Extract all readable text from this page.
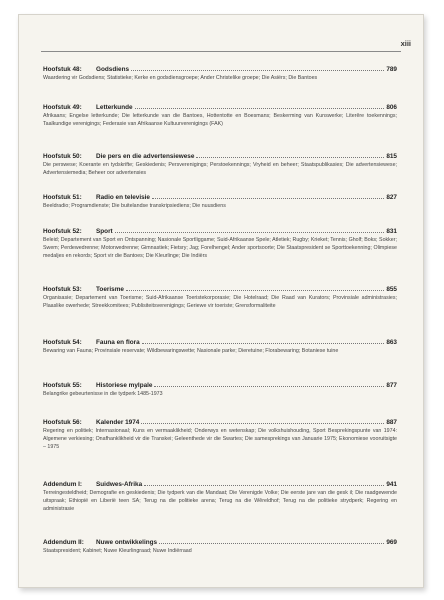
xiii
Hoofstuk 48:	Godsdiens	789
Waardering vir Godsdiens; Statistieke; Kerke en godsdiensgroepe; Ander Christelike groepe; Die Asiërs; Die Bantoes
Hoofstuk 49:	Letterkunde	806
Afrikaans; Engelse letterkunde; Die letterkunde van die Bantoes, Hottentotte en Boesmans; Beskerming van Kunswerke; Literêre toekennings; Taalkundige verenigings; Federasie van Afrikaanse Kultuurverenigings (FAK)
Hoofstuk 50:	Die pers en die advertensiewese	815
Die perswese; Koerante en tydskrifte; Geskiedenis; Persverenigings; Perstoekennings; Vryheid en beheer; Staatspublikasies; Die advertensiewese; Advertensiemedia; Beheer oor advertensies
Hoofstuk 51:	Radio en televisie	827
Beeldradio; Programdienste; Die buitelandse transkripsiediens; Die nuusdiens
Hoofstuk 52:	Sport	831
Beleid; Departement van Sport en Ontspanning; Nasionale Sportliggame; Suid-Afrikaanse Spele; Atletiek; Rugby; Krieket; Tennis; Gholf; Boks; Sokker; Swem; Perdewedrenne; Motorwedrenne; Gimnastiek; Fietsry; Jag; Forelhengel; Ander sportsoorte; Die Staatspresident se Sporttoekenning; Olimpiese medaljes en rekords; Sport vir die Bantoes; Die Kleurlinge; Die Indiërs
Hoofstuk 53:	Toerisme	855
Organisasie; Departement van Toerisme; Suid-Afrikaanse Toeristekorporasie; Die Hotelraad; Die Raad van Kurators; Provinsiale administrasies; Plaaslike owerhede; Streekkomitees; Publisiteitsverenigings; Geriewe vir toeriste; Grensformaliteite
Hoofstuk 54:	Fauna en flora	863
Bewaring van Fauna; Provinsiale reservate; Wildbewaringswette; Nasionale parke; Dieretuine; Florabewaring; Botaniese tuine
Hoofstuk 55:	Historiese mylpale	877
Belangrike gebeurtenisse in die tydperk 1485-1973
Hoofstuk 56:	Kalender 1974	887
Regering en politiek; Internasionaal; Kuns en vermaaklikheid; Onderwys en wetenskap; Die volkshuishouding, Sport Besprekingspunte van 1974: Algemene verkiesing; Onafhanklikheid vir die Transkei; Geleenthede vir die Swartes; Die samesprekings van Januarie 1975; Ekonomiese vooruitsigte – 1975
Addendum I:	Suidwes-Afrika	941
Terreingesteldheid; Demografie en geskiedenis; Die tydperk van die Mandaat; Die Verenigde Volke; Die eerste jare van die gesk il; Die raadgewende uitspraak; Ethiopië en Liberië teen SA; Terug na die politieke arena; Terug na die Wêreldhof; Terug na die politieke strydperk; Regering en administrasie
Addendum II:	Nuwe ontwikkelings	969
Staatspresident; Kabinet; Nuwe Kleurlingraad; Nuwe Indiërraad
